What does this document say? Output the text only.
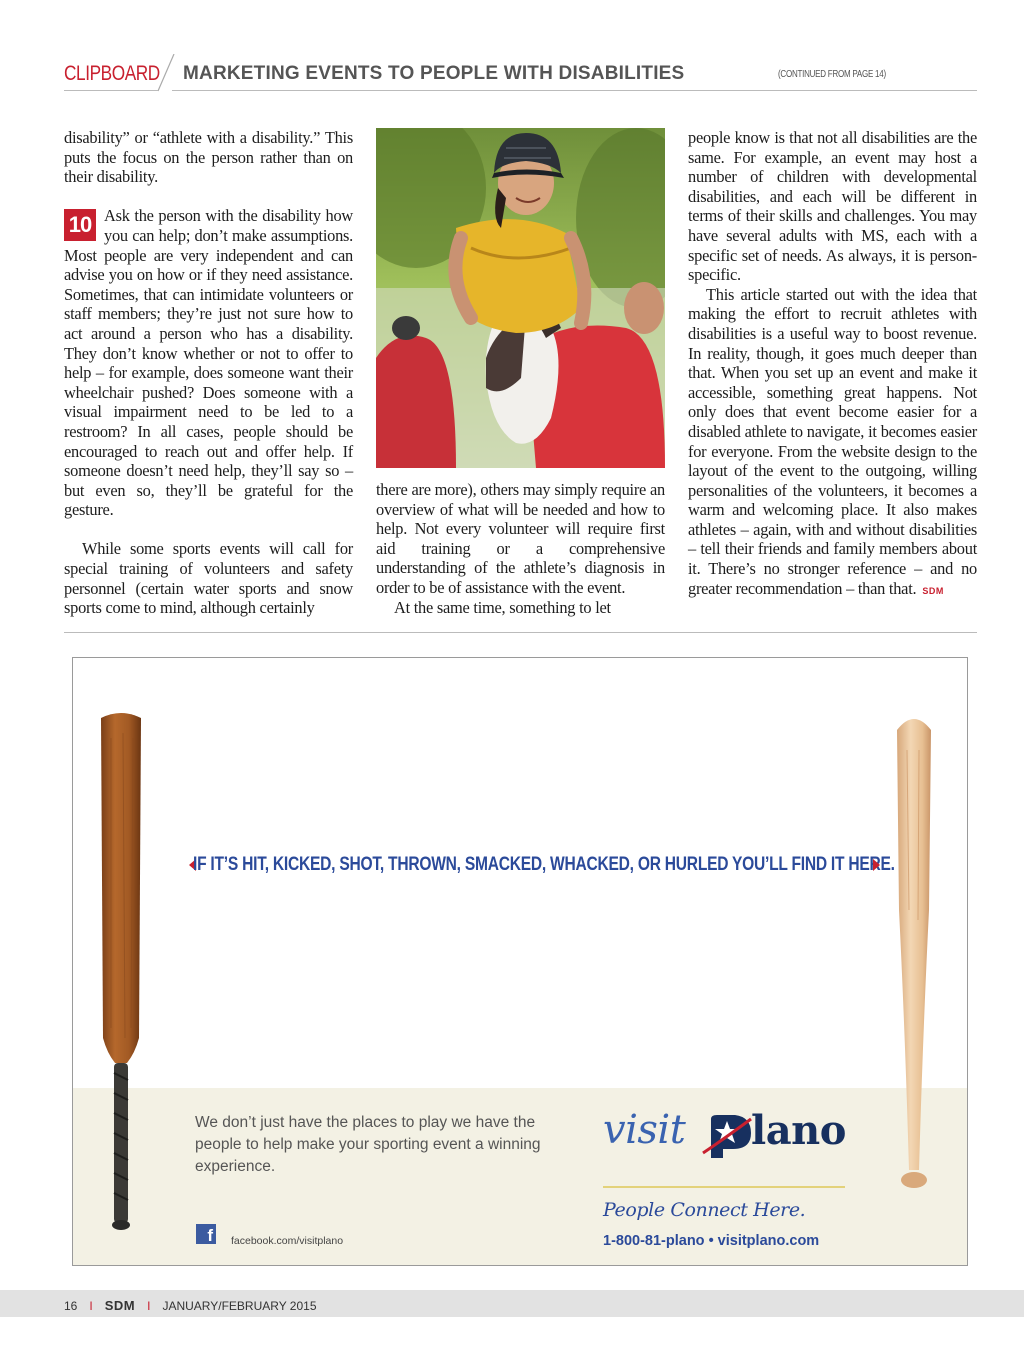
CLIPBOARD MARKETING EVENTS TO PEOPLE WITH DISABILITIES	(CONTINUED FROM PAGE 14)

disability” or “athlete with a disability.” This puts the focus on the person rather than on their disability.

10 Ask the person with the disability how you can help; don’t make assumptions. Most people are very independent and can advise you on how or if they need assistance. Sometimes, that can intimidate volunteers or staff members; they’re just not sure how to act around a person who has a disability. They don’t know whether or not to offer to help – for example, does someone want their wheelchair pushed? Does someone with a visual impairment need to be led to a restroom? In all cases, people should be encouraged to reach out and offer help. If someone doesn’t need help, they’ll say so – but even so, they’ll be grateful for the gesture.

While some sports events will call for special training of volunteers and safety personnel (certain water sports and snow sports come to mind, although certainly

there are more), others may simply require an overview of what will be needed and how to help. Not every volunteer will require first aid training or a comprehensive understanding of the athlete’s diagnosis in order to be of assistance with the event.

At the same time, something to let

people know is that not all disabilities are the same. For example, an event may host a number of children with developmental disabilities, and each will be different in terms of their skills and challenges. You may have several adults with MS, each with a specific set of needs. As always, it is person-specific.

This article started out with the idea that making the effort to recruit athletes with disabilities is a useful way to boost revenue. In reality, though, it goes much deeper than that. When you set up an event and make it accessible, something great happens. Not only does that event become easier for a disabled athlete to navigate, it becomes easier for everyone. From the website design to the layout of the event to the outgoing, willing personalities of the volunteers, it becomes a warm and welcoming place. It also makes athletes – again, with and without disabilities – tell their friends and family members about it. There’s no stronger reference – and no greater recommendation – than that. SDM

IF IT’S HIT, KICKED, SHOT, THROWN, SMACKED, WHACKED, OR HURLED YOU’LL FIND IT HERE.
We don’t just have the places to play we have the people to help make your sporting event a winning experience.
visit lano
People Connect Here.
1-800-81-plano • visitplano.com
f facebook.com/visitplano
16 I SDM I JANUARY/FEBRUARY 2015
